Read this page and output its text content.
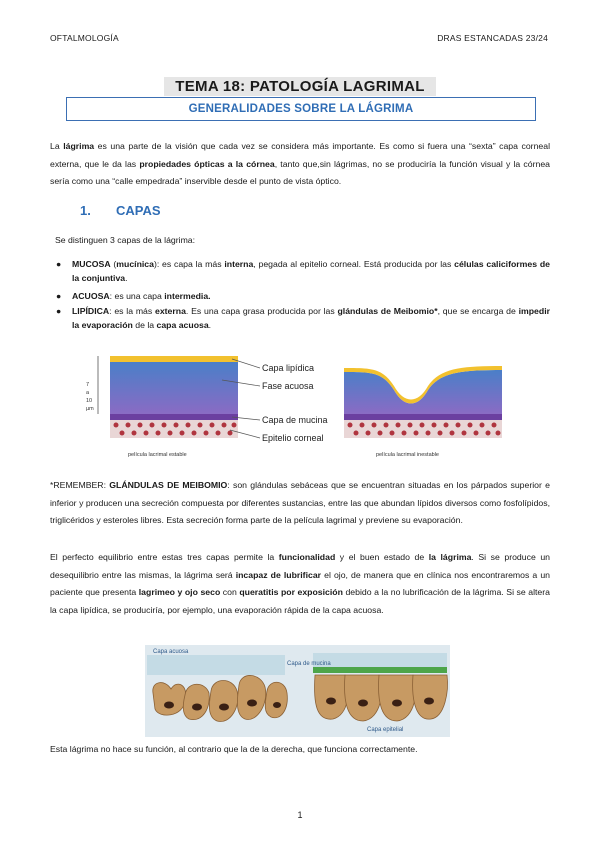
OFTALMOLOGÍA	DRAS ESTANCADAS 23/24
TEMA 18: PATOLOGÍA LAGRIMAL
GENERALIDADES SOBRE LA LÁGRIMA
La lágrima es una parte de la visión que cada vez se considera más importante. Es como si fuera una “sexta” capa corneal externa, que le da las propiedades ópticas a la córnea, tanto que,sin lágrimas, no se produciría la función visual y la córnea sería como una “calle empedrada” inservible desde el punto de vista óptico.
1. CAPAS
Se distinguen 3 capas de la lágrima:
● MUCOSA (mucínica): es capa la más interna, pegada al epitelio corneal. Está producida por las células caliciformes de la conjuntiva.
● ACUOSA: es una capa intermedia.
● LIPÍDICA: es la más externa. Es una capa grasa producida por las glándulas de Meibomio*, que se encarga de impedir la evaporación de la capa acuosa.
7
a
10
µm
Capa lipídica
Fase acuosa
Capa de mucina
Epitelio corneal
película lacrimal estable	película lacrimal inestable
*REMEMBER: GLÁNDULAS DE MEIBOMIO: son glándulas sebáceas que se encuentran situadas en los párpados superior e inferior y producen una secreción compuesta por diferentes sustancias, entre las que abundan lípidos diversos como fosfolípidos, triglicéridos y esteroles libres. Esta secreción forma parte de la película lagrimal y previene su evaporación.
El perfecto equilibrio entre estas tres capas permite la funcionalidad y el buen estado de la lágrima. Si se produce un desequilibrio entre las mismas, la lágrima será incapaz de lubrificar el ojo, de manera que en clínica nos encontraremos a un paciente que presenta lagrimeo y ojo seco con queratitis por exposición debido a la no lubrificación de la lágrima. Si se altera la capa lipídica, se produciría, por ejemplo, una evaporación rápida de la capa acuosa.
Capa acuosa
Capa de mucina
Capa epitelial
Esta lágrima no hace su función, al contrario que la de la derecha, que funciona correctamente.
1
